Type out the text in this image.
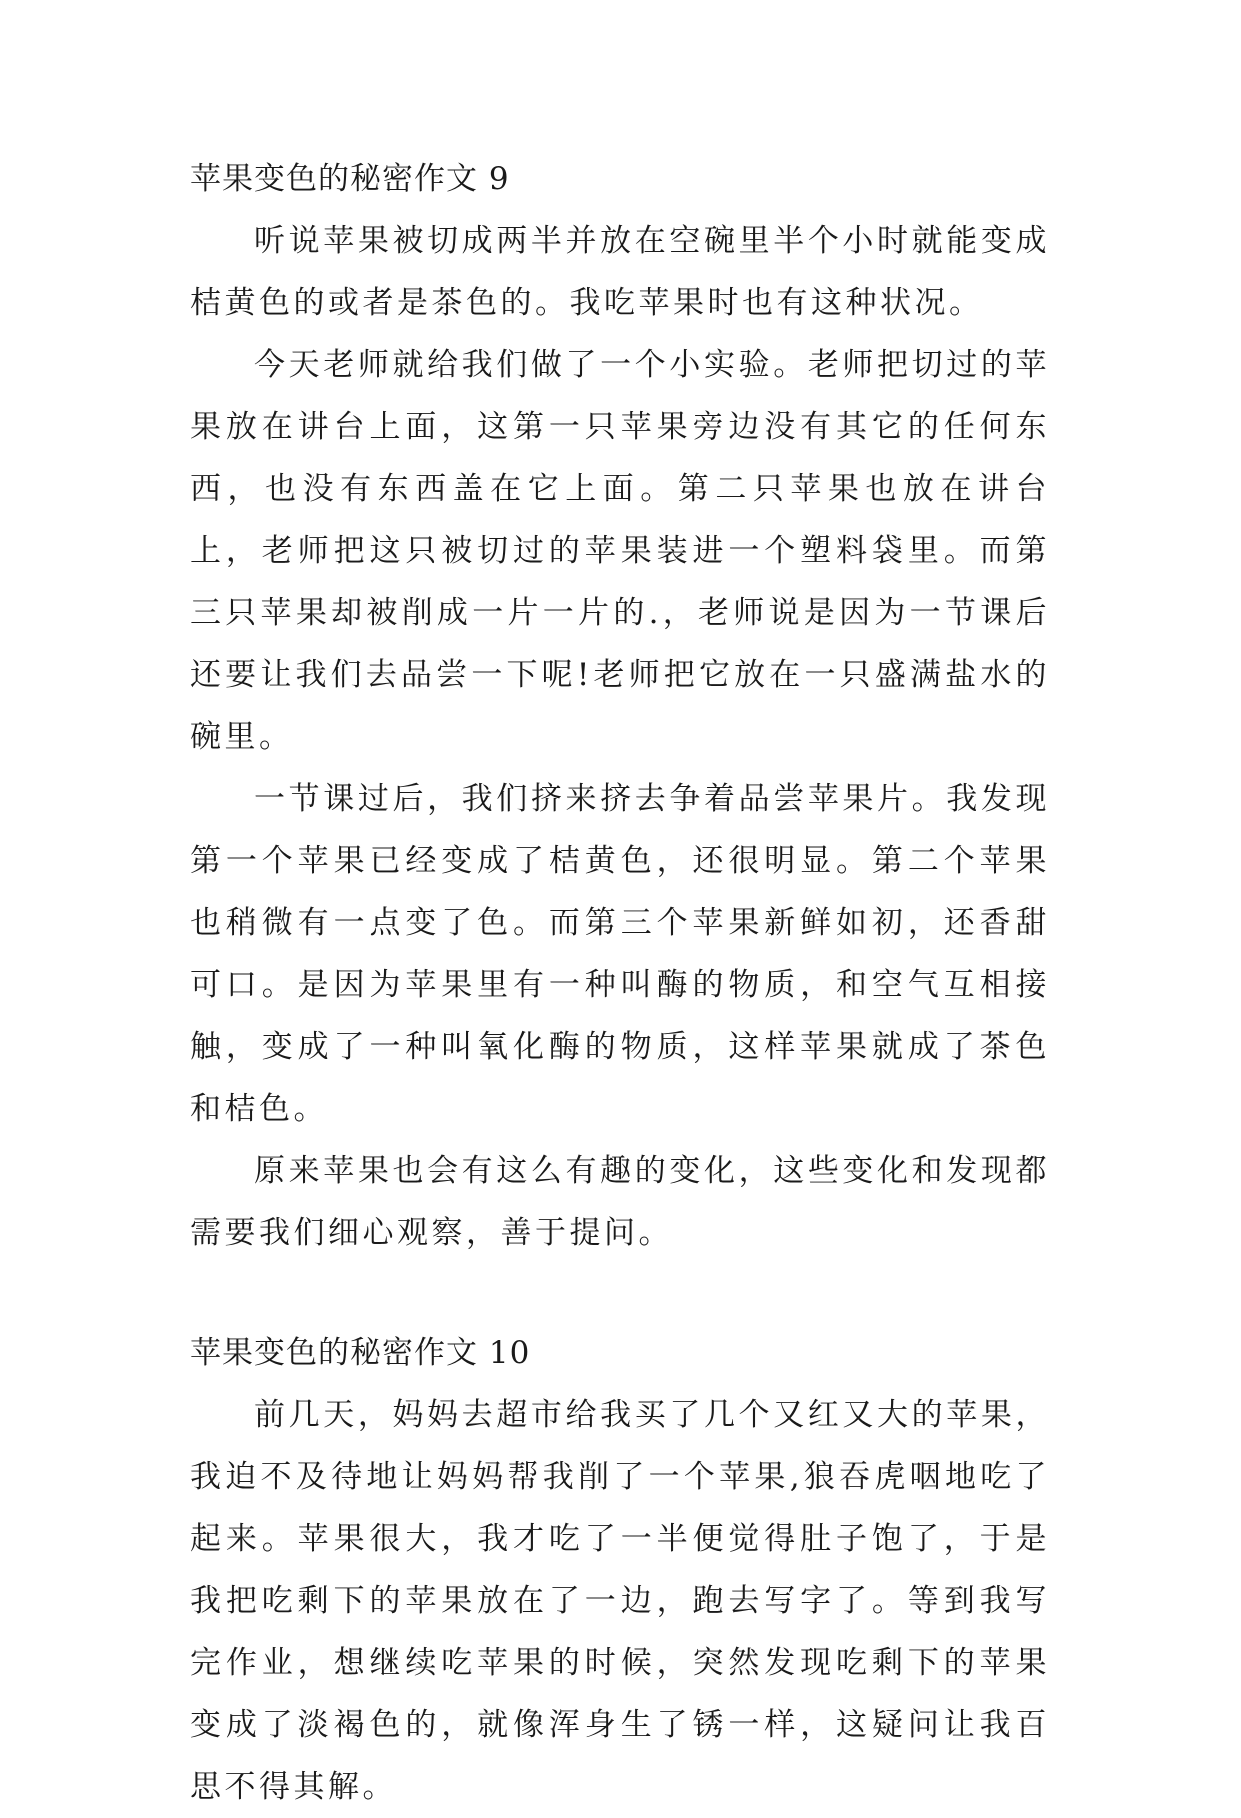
苹果变色的秘密作文 9

听说苹果被切成两半并放在空碗里半个小时就能变成桔黄色的或者是茶色的。我吃苹果时也有这种状况。

今天老师就给我们做了一个小实验。老师把切过的苹果放在讲台上面，这第一只苹果旁边没有其它的任何东西，也没有东西盖在它上面。第二只苹果也放在讲台上，老师把这只被切过的苹果装进一个塑料袋里。而第三只苹果却被削成一片一片的.，老师说是因为一节课后还要让我们去品尝一下呢!老师把它放在一只盛满盐水的碗里。

一节课过后，我们挤来挤去争着品尝苹果片。我发现第一个苹果已经变成了桔黄色，还很明显。第二个苹果也稍微有一点变了色。而第三个苹果新鲜如初，还香甜可口。是因为苹果里有一种叫酶的物质，和空气互相接触，变成了一种叫氧化酶的物质，这样苹果就成了茶色和桔色。

原来苹果也会有这么有趣的变化，这些变化和发现都需要我们细心观察，善于提问。

苹果变色的秘密作文 10

前几天，妈妈去超市给我买了几个又红又大的苹果，我迫不及待地让妈妈帮我削了一个苹果,狼吞虎咽地吃了起来。苹果很大，我才吃了一半便觉得肚子饱了，于是我把吃剩下的苹果放在了一边，跑去写字了。等到我写完作业，想继续吃苹果的时候，突然发现吃剩下的苹果变成了淡褐色的，就像浑身生了锈一样，这疑问让我百思不得其解。
